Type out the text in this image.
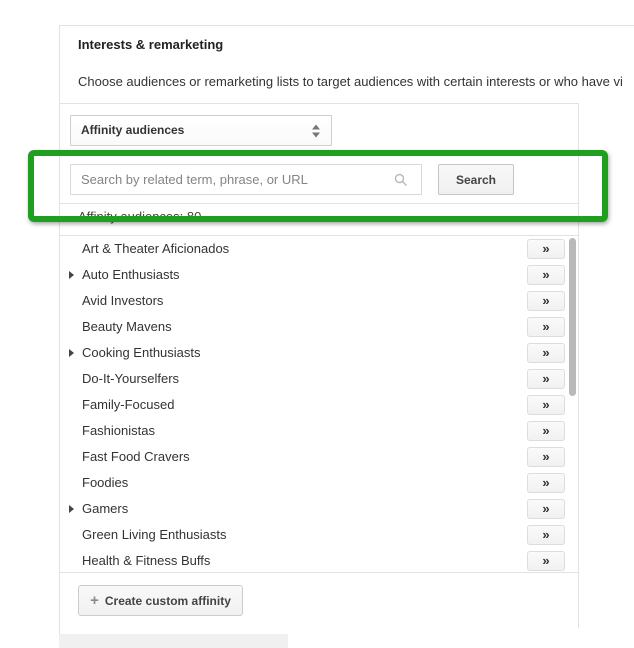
Interests & remarketing
Choose audiences or remarketing lists to target audiences with certain interests or who have vi
Affinity audiences
Search by related term, phrase, or URL
Search
Affinity audiences: 80
Art & Theater Aficionados	»
Auto Enthusiasts	»
Avid Investors	»
Beauty Mavens	»
Cooking Enthusiasts	»
Do-It-Yourselfers	»
Family-Focused	»
Fashionistas	»
Fast Food Cravers	»
Foodies	»
Gamers	»
Green Living Enthusiasts	»
Health & Fitness Buffs	»
+ Create custom affinity
